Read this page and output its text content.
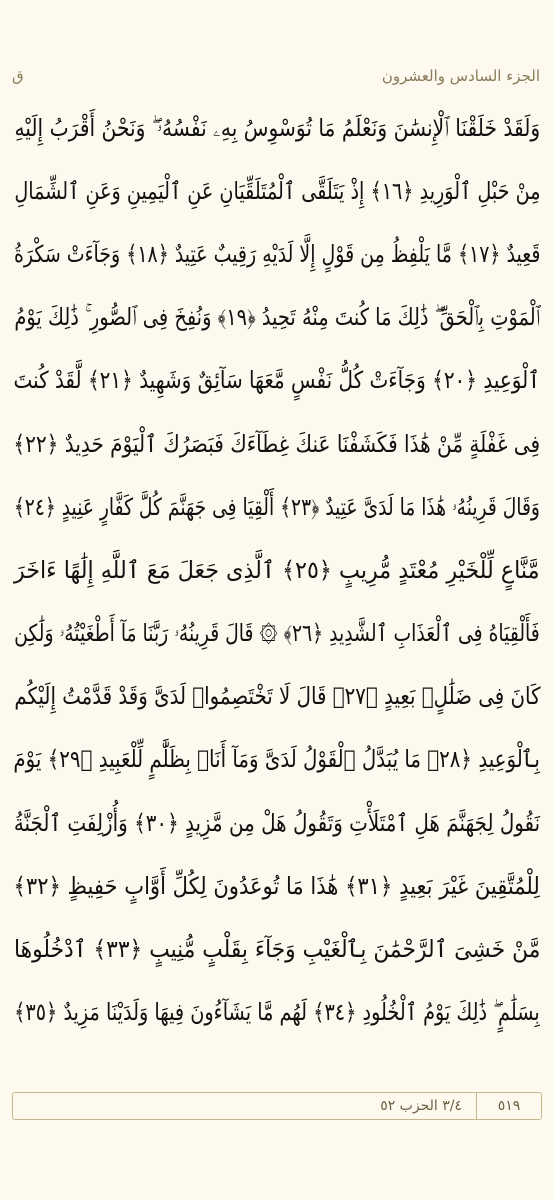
ق	الجزء السادس والعشرون
وَلَقَدْ خَلَقْنَا ٱلْإِنسَٰنَ وَنَعْلَمُ مَا تُوَسْوِسُ بِهِۦ نَفْسُهُۥ ۖ وَنَحْنُ أَقْرَبُ إِلَيْهِ
مِنْ حَبْلِ ٱلْوَرِيدِ ﴿١٦﴾ إِذْ يَتَلَقَّى ٱلْمُتَلَقِّيَانِ عَنِ ٱلْيَمِينِ وَعَنِ ٱلشِّمَالِ
قَعِيدٌ ﴿١٧﴾ مَّا يَلْفِظُ مِن قَوْلٍ إِلَّا لَدَيْهِ رَقِيبٌ عَتِيدٌ ﴿١٨﴾ وَجَآءَتْ سَكْرَةُ
ٱلْمَوْتِ بِٱلْحَقِّ ۖ ذَٰلِكَ مَا كُنتَ مِنْهُ تَحِيدُ ﴿١٩﴾ وَنُفِخَ فِى ٱلصُّورِ ۚ ذَٰلِكَ يَوْمُ
ٱلْوَعِيدِ ﴿٢٠﴾ وَجَآءَتْ كُلُّ نَفْسٍ مَّعَهَا سَآئِقٌ وَشَهِيدٌ ﴿٢١﴾ لَّقَدْ كُنتَ
فِى غَفْلَةٍ مِّنْ هَٰذَا فَكَشَفْنَا عَنكَ غِطَآءَكَ فَبَصَرُكَ ٱلْيَوْمَ حَدِيدٌ ﴿٢٢﴾
وَقَالَ قَرِينُهُۥ هَٰذَا مَا لَدَىَّ عَتِيدٌ ﴿٢٣﴾ أَلْقِيَا فِى جَهَنَّمَ كُلَّ كَفَّارٍ عَنِيدٍ ﴿٢٤﴾
مَّنَّاعٍ لِّلْخَيْرِ مُعْتَدٍ مُّرِيبٍ ﴿٢٥﴾ ٱلَّذِى جَعَلَ مَعَ ٱللَّهِ إِلَٰهًا ءَاخَرَ
فَأَلْقِيَاهُ فِى ٱلْعَذَابِ ٱلشَّدِيدِ ﴿٢٦﴾ ۞ قَالَ قَرِينُهُۥ رَبَّنَا مَآ أَطْغَيْتُهُۥ وَلَٰكِن
كَانَ فِى ضَلَٰلٍۭ بَعِيدٍ ﴿٢٧﴾ قَالَ لَا تَخْتَصِمُوا۟ لَدَىَّ وَقَدْ قَدَّمْتُ إِلَيْكُم
بِٱلْوَعِيدِ ﴿٢٨﴾ مَا يُبَدَّلُ ٱلْقَوْلُ لَدَىَّ وَمَآ أَنَا۠ بِظَلَّٰمٍ لِّلْعَبِيدِ ﴿٢٩﴾ يَوْمَ
نَقُولُ لِجَهَنَّمَ هَلِ ٱمْتَلَأْتِ وَتَقُولُ هَلْ مِن مَّزِيدٍ ﴿٣٠﴾ وَأُزْلِفَتِ ٱلْجَنَّةُ
لِلْمُتَّقِينَ غَيْرَ بَعِيدٍ ﴿٣١﴾ هَٰذَا مَا تُوعَدُونَ لِكُلِّ أَوَّابٍ حَفِيظٍ ﴿٣٢﴾
مَّنْ خَشِىَ ٱلرَّحْمَٰنَ بِٱلْغَيْبِ وَجَآءَ بِقَلْبٍ مُّنِيبٍ ﴿٣٣﴾ ٱدْخُلُوهَا
بِسَلَٰمٍ ۖ ذَٰلِكَ يَوْمُ ٱلْخُلُودِ ﴿٣٤﴾ لَهُم مَّا يَشَآءُونَ فِيهَا وَلَدَيْنَا مَزِيدٌ ﴿٣٥﴾
٥١٩
٣/٤ الحزب ٥٢
